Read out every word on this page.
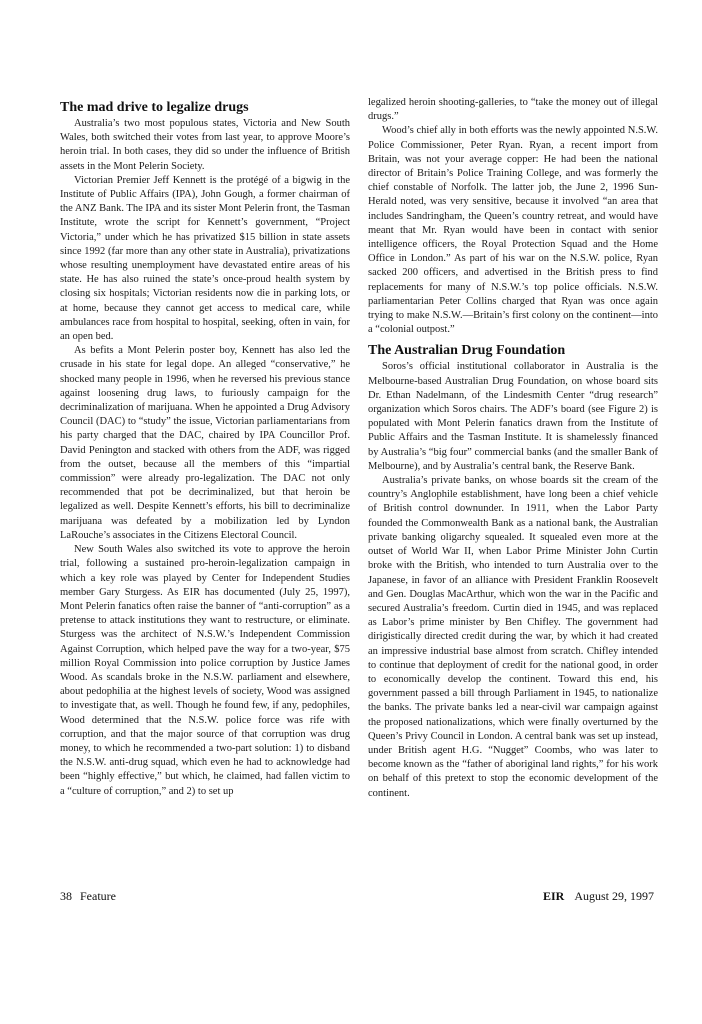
The mad drive to legalize drugs

Australia’s two most populous states, Victoria and New South Wales, both switched their votes from last year, to approve Moore’s heroin trial. In both cases, they did so under the influence of British assets in the Mont Pelerin Society.

Victorian Premier Jeff Kennett is the protégé of a bigwig in the Institute of Public Affairs (IPA), John Gough, a former chairman of the ANZ Bank. The IPA and its sister Mont Pelerin front, the Tasman Institute, wrote the script for Kennett’s government, “Project Victoria,” under which he has privatized $15 billion in state assets since 1992 (far more than any other state in Australia), privatizations whose resulting unemployment have devastated entire areas of his state. He has also ruined the state’s once-proud health system by closing six hospitals; Victorian residents now die in parking lots, or at home, because they cannot get access to medical care, while ambulances race from hospital to hospital, seeking, often in vain, for an open bed.

As befits a Mont Pelerin poster boy, Kennett has also led the crusade in his state for legal dope. An alleged “conservative,” he shocked many people in 1996, when he reversed his previous stance against loosening drug laws, to furiously campaign for the decriminalization of marijuana. When he appointed a Drug Advisory Council (DAC) to “study” the issue, Victorian parliamentarians from his party charged that the DAC, chaired by IPA Councillor Prof. David Penington and stacked with others from the ADF, was rigged from the outset, because all the members of this “impartial commission” were already pro-legalization. The DAC not only recommended that pot be decriminalized, but that heroin be legalized as well. Despite Kennett’s efforts, his bill to decriminalize marijuana was defeated by a mobilization led by Lyndon LaRouche’s associates in the Citizens Electoral Council.

New South Wales also switched its vote to approve the heroin trial, following a sustained pro-heroin-legalization campaign in which a key role was played by Center for Independent Studies member Gary Sturgess. As EIR has documented (July 25, 1997), Mont Pelerin fanatics often raise the banner of “anti-corruption” as a pretense to attack institutions they want to restructure, or eliminate. Sturgess was the architect of N.S.W.’s Independent Commission Against Corruption, which helped pave the way for a two-year, $75 million Royal Commission into police corruption by Justice James Wood. As scandals broke in the N.S.W. parliament and elsewhere, about pedophilia at the highest levels of society, Wood was assigned to investigate that, as well. Though he found few, if any, pedophiles, Wood determined that the N.S.W. police force was rife with corruption, and that the major source of that corruption was drug money, to which he recommended a two-part solution: 1) to disband the N.S.W. anti-drug squad, which even he had to acknowledge had been “highly effective,” but which, he claimed, had fallen victim to a “culture of corruption,” and 2) to set up

legalized heroin shooting-galleries, to “take the money out of illegal drugs.”

Wood’s chief ally in both efforts was the newly appointed N.S.W. Police Commissioner, Peter Ryan. Ryan, a recent import from Britain, was not your average copper: He had been the national director of Britain’s Police Training College, and was formerly the chief constable of Norfolk. The latter job, the June 2, 1996 Sun-Herald noted, was very sensitive, because it involved “an area that includes Sandringham, the Queen’s country retreat, and would have meant that Mr. Ryan would have been in contact with senior intelligence officers, the Royal Protection Squad and the Home Office in London.” As part of his war on the N.S.W. police, Ryan sacked 200 officers, and advertised in the British press to find replacements for many of N.S.W.’s top police officials. N.S.W. parliamentarian Peter Collins charged that Ryan was once again trying to make N.S.W.—Britain’s first colony on the continent—into a “colonial outpost.”

The Australian Drug Foundation

Soros’s official institutional collaborator in Australia is the Melbourne-based Australian Drug Foundation, on whose board sits Dr. Ethan Nadelmann, of the Lindesmith Center “drug research” organization which Soros chairs. The ADF’s board (see Figure 2) is populated with Mont Pelerin fanatics drawn from the Institute of Public Affairs and the Tasman Institute. It is shamelessly financed by Australia’s “big four” commercial banks (and the smaller Bank of Melbourne), and by Australia’s central bank, the Reserve Bank.

Australia’s private banks, on whose boards sit the cream of the country’s Anglophile establishment, have long been a chief vehicle of British control downunder. In 1911, when the Labor Party founded the Commonwealth Bank as a national bank, the Australian private banking oligarchy squealed. It squealed even more at the outset of World War II, when Labor Prime Minister John Curtin broke with the British, who intended to turn Australia over to the Japanese, in favor of an alliance with President Franklin Roosevelt and Gen. Douglas MacArthur, which won the war in the Pacific and secured Australia’s freedom. Curtin died in 1945, and was replaced as Labor’s prime minister by Ben Chifley. The government had dirigistically directed credit during the war, by which it had created an impressive industrial base almost from scratch. Chifley intended to continue that deployment of credit for the national good, in order to economically develop the continent. Toward this end, his government passed a bill through Parliament in 1945, to nationalize the banks. The private banks led a near-civil war campaign against the proposed nationalizations, which were finally overturned by the Queen’s Privy Council in London. A central bank was set up instead, under British agent H.G. “Nugget” Coombs, who was later to become known as the “father of aboriginal land rights,” for his work on behalf of this pretext to stop the economic development of the continent.

38 Feature	EIR August 29, 1997
